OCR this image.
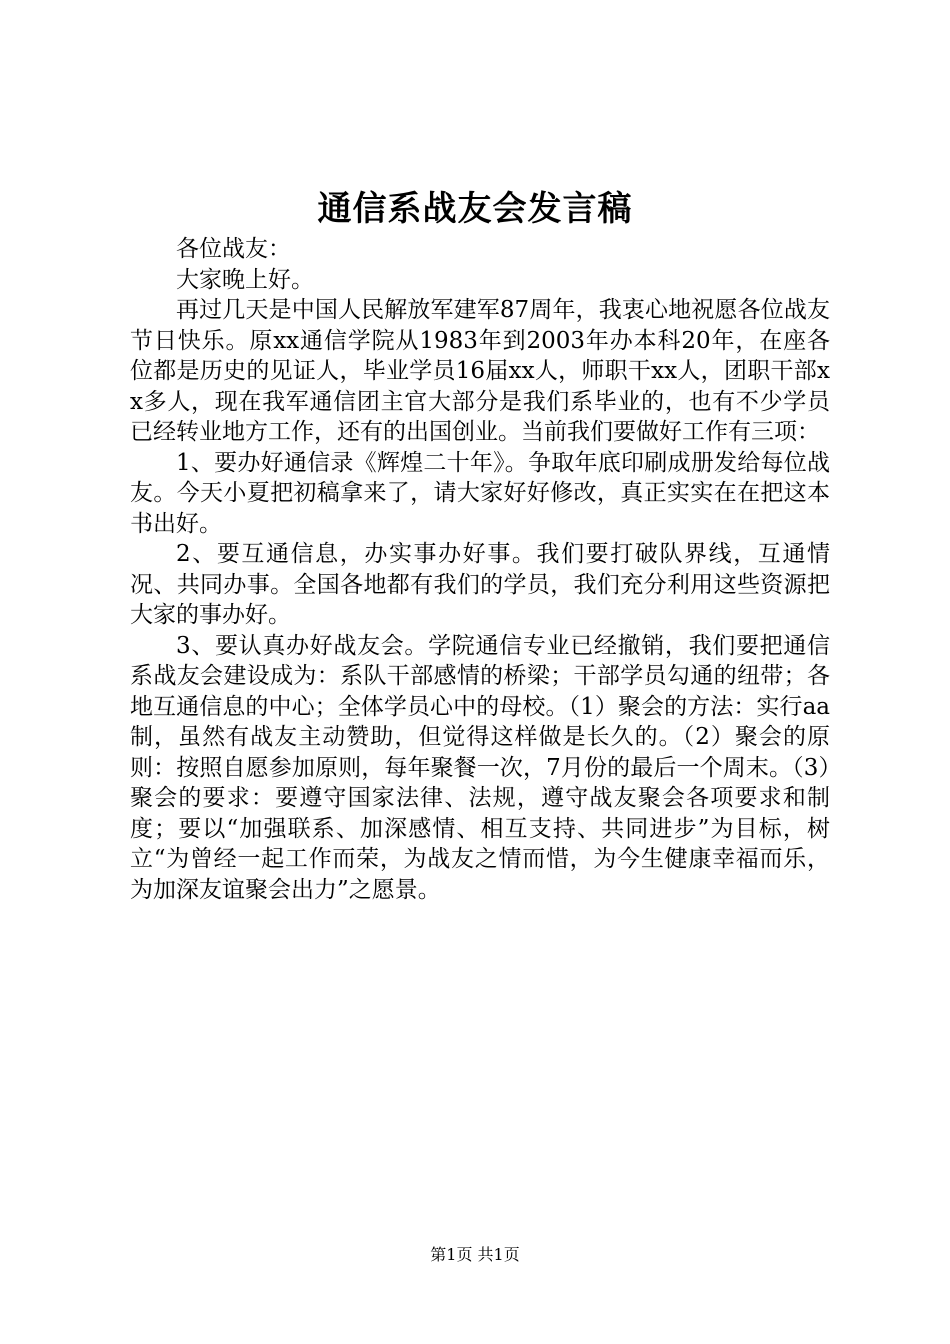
通信系战友会发言稿

各位战友：

大家晚上好。

再过几天是中国人民解放军建军87周年，我衷心地祝愿各位战友节日快乐。原xx通信学院从1983年到2003年办本科20年，在座各位都是历史的见证人，毕业学员16届xx人，师职干xx人，团职干部xx多人，现在我军通信团主官大部分是我们系毕业的，也有不少学员已经转业地方工作，还有的出国创业。当前我们要做好工作有三项：

1、要办好通信录《辉煌二十年》。争取年底印刷成册发给每位战友。今天小夏把初稿拿来了，请大家好好修改，真正实实在在把这本书出好。

2、要互通信息，办实事办好事。我们要打破队界线，互通情况、共同办事。全国各地都有我们的学员，我们充分利用这些资源把大家的事办好。

3、要认真办好战友会。学院通信专业已经撤销，我们要把通信系战友会建设成为：系队干部感情的桥梁；干部学员勾通的纽带；各地互通信息的中心；全体学员心中的母校。（1）聚会的方法：实行aa制，虽然有战友主动赞助，但觉得这样做是长久的。（2）聚会的原则：按照自愿参加原则，每年聚餐一次，7月份的最后一个周末。（3）聚会的要求：要遵守国家法律、法规，遵守战友聚会各项要求和制度；要以“加强联系、加深感情、相互支持、共同进步”为目标，树立“为曾经一起工作而荣，为战友之情而惜，为今生健康幸福而乐，为加深友谊聚会出力”之愿景。

第1页 共1页
